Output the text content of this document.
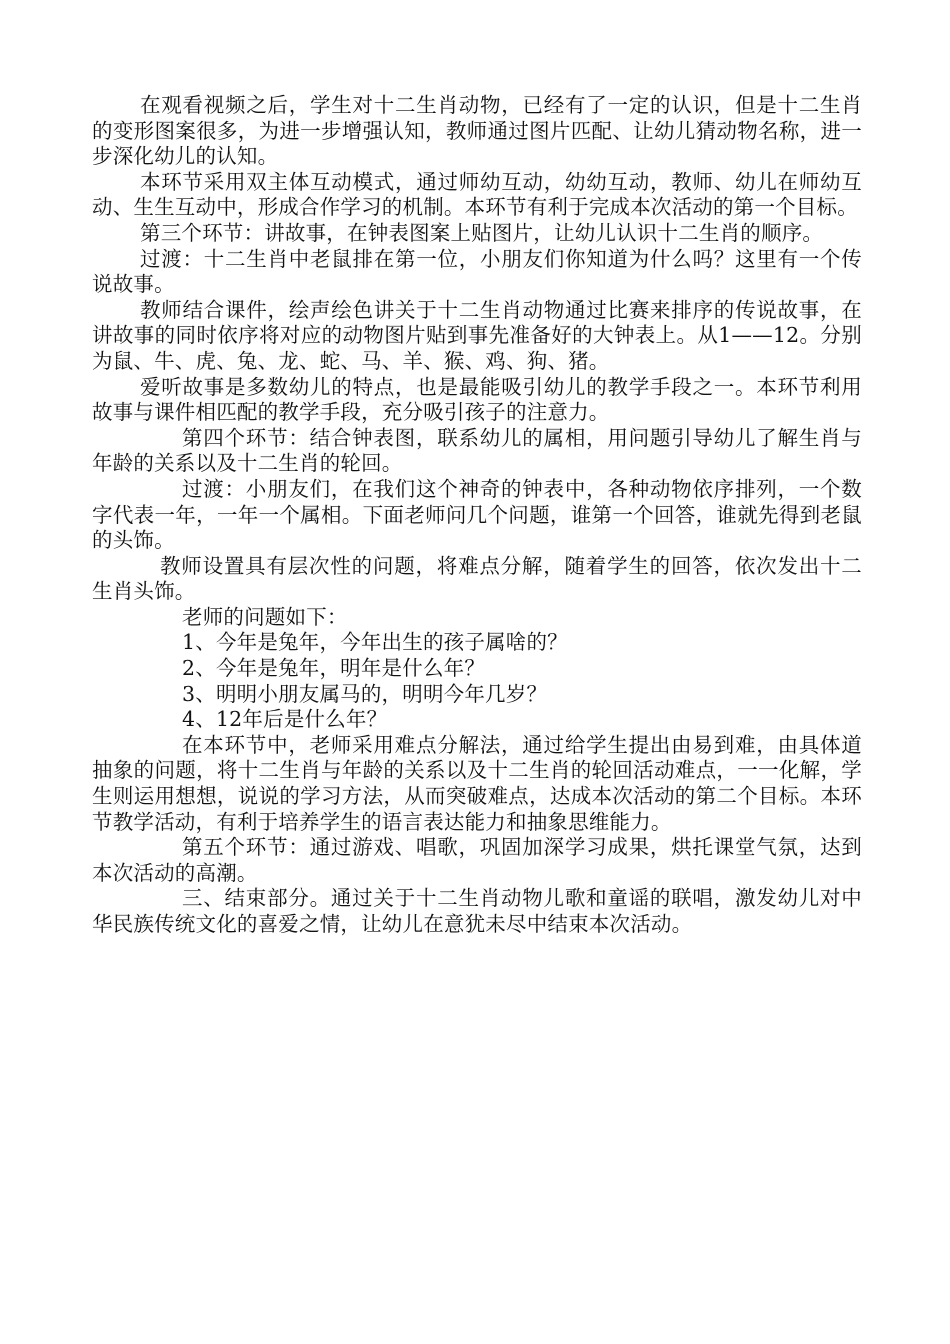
在观看视频之后，学生对十二生肖动物，已经有了一定的认识，但是十二生肖的变形图案很多，为进一步增强认知，教师通过图片匹配、让幼儿猜动物名称，进一步深化幼儿的认知。

本环节采用双主体互动模式，通过师幼互动，幼幼互动，教师、幼儿在师幼互动、生生互动中，形成合作学习的机制。本环节有利于完成本次活动的第一个目标。

第三个环节：讲故事，在钟表图案上贴图片，让幼儿认识十二生肖的顺序。

过渡：十二生肖中老鼠排在第一位，小朋友们你知道为什么吗？这里有一个传说故事。

教师结合课件，绘声绘色讲关于十二生肖动物通过比赛来排序的传说故事，在讲故事的同时依序将对应的动物图片贴到事先准备好的大钟表上。从1——12。分别为鼠、牛、虎、兔、龙、蛇、马、羊、猴、鸡、狗、猪。

爱听故事是多数幼儿的特点，也是最能吸引幼儿的教学手段之一。本环节利用故事与课件相匹配的教学手段，充分吸引孩子的注意力。

第四个环节：结合钟表图，联系幼儿的属相，用问题引导幼儿了解生肖与年龄的关系以及十二生肖的轮回。

过渡：小朋友们，在我们这个神奇的钟表中，各种动物依序排列，一个数字代表一年，一年一个属相。下面老师问几个问题，谁第一个回答，谁就先得到老鼠的头饰。

教师设置具有层次性的问题，将难点分解，随着学生的回答，依次发出十二生肖头饰。

老师的问题如下：

1、今年是兔年，今年出生的孩子属啥的？

2、今年是兔年，明年是什么年？

3、明明小朋友属马的，明明今年几岁？

4、12年后是什么年？

在本环节中，老师采用难点分解法，通过给学生提出由易到难，由具体道抽象的问题，将十二生肖与年龄的关系以及十二生肖的轮回活动难点，一一化解，学生则运用想想，说说的学习方法，从而突破难点，达成本次活动的第二个目标。本环节教学活动，有利于培养学生的语言表达能力和抽象思维能力。

第五个环节：通过游戏、唱歌，巩固加深学习成果，烘托课堂气氛，达到本次活动的高潮。

三、结束部分。通过关于十二生肖动物儿歌和童谣的联唱，激发幼儿对中华民族传统文化的喜爱之情，让幼儿在意犹未尽中结束本次活动。
